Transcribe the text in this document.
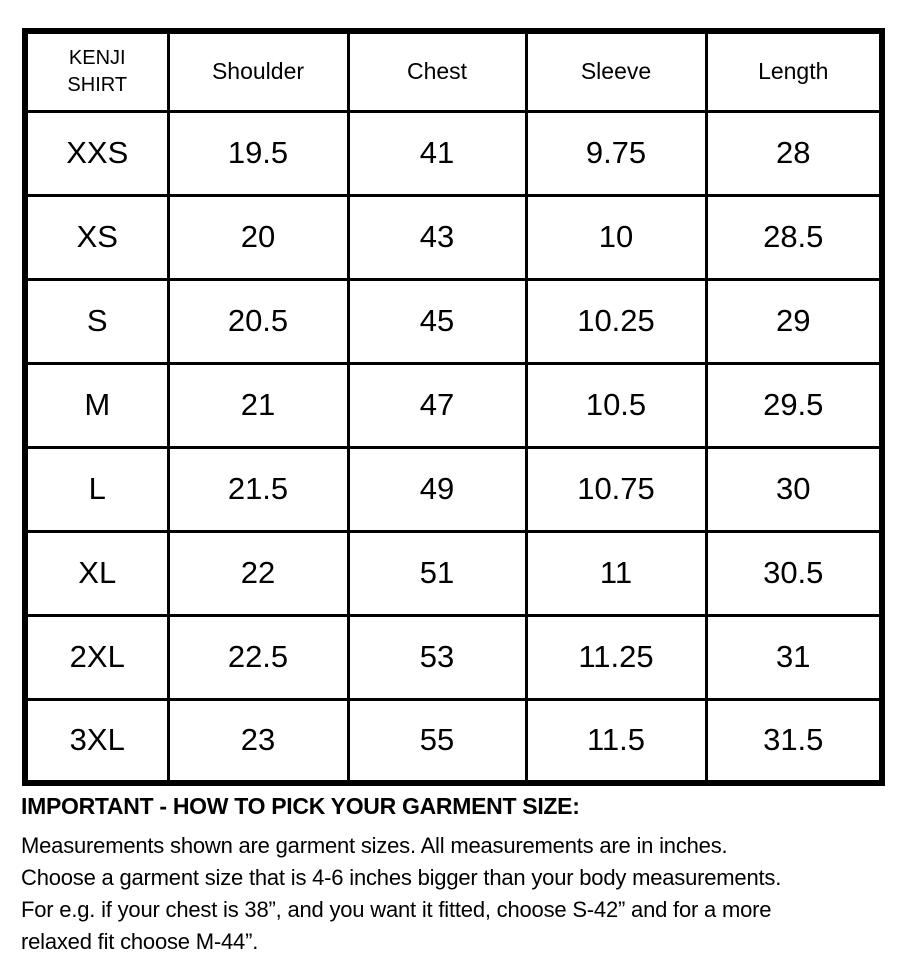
KENJI
SHIRT	Shoulder	Chest	Sleeve	Length
XXS	19.5	41	9.75	28
XS	20	43	10	28.5
S	20.5	45	10.25	29
M	21	47	10.5	29.5
L	21.5	49	10.75	30
XL	22	51	11	30.5
2XL	22.5	53	11.25	31
3XL	23	55	11.5	31.5
IMPORTANT - HOW TO PICK YOUR GARMENT SIZE:
Measurements shown are garment sizes. All measurements are in inches.
Choose a garment size that is 4-6 inches bigger than your body measurements.
For e.g. if your chest is 38”, and you want it fitted, choose S-42” and for a more
relaxed fit choose M-44”.
